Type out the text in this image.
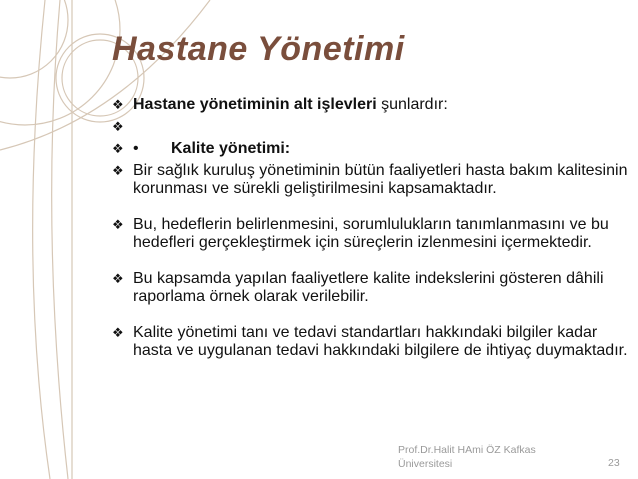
Hastane Yönetimi
❖ Hastane yönetiminin alt işlevleri şunlardır:
❖

❖ • Kalite yönetimi:
❖ Bir sağlık kuruluş yönetiminin bütün faaliyetleri hasta bakım kalitesinin korunması ve sürekli geliştirilmesini kapsamaktadır.
❖ Bu, hedeflerin belirlenmesini, sorumlulukların tanımlanmasını ve bu hedefleri gerçekleştirmek için süreçlerin izlenmesini içermektedir.
❖ Bu kapsamda yapılan faaliyetlere kalite indekslerini gösteren dâhili raporlama örnek olarak verilebilir.
❖ Kalite yönetimi tanı ve tedavi standartları hakkındaki bilgiler kadar hasta ve uygulanan tedavi hakkındaki bilgilere de ihtiyaç duymaktadır.
Prof.Dr.Halit HAmi ÖZ Kafkas Üniversitesi	23
